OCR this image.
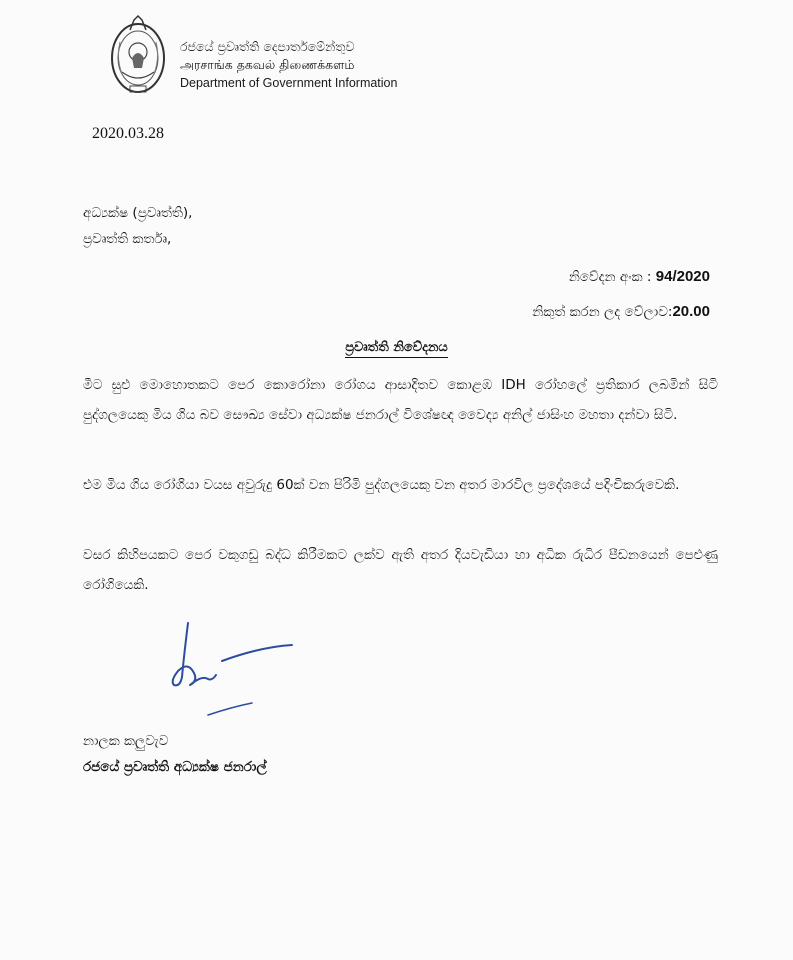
රජයේ ප්‍රවෘත්ති දෙපාර්තමේන්තුව
அரசாங்க தகவல் திணைக்களம்
Department of Government Information
2020.03.28
අධ්‍යක්ෂ (ප්‍රවෘත්ති),
ප්‍රවෘත්ති කර්තෘ,
නිවේදන අංක : 94/2020
නිකුත් කරන ලද වේලාව:20.00
ප්‍රවෘත්ති නිවේදනය
මීට සුළු මොහොතකට පෙර කොරෝනා රෝගය ආසාදිතව කොළඹ IDH රෝහලේ ප්‍රතිකාර ලබමින් සිටි පුද්ගලයෙකු මිය ගිය බව සෞඛ්‍ය සේවා අධ්‍යක්ෂ ජනරාල් විශේෂඥ වෛද්‍ය අනිල් ජාසිංහ මහතා දන්වා සිටි.
එම මිය ගිය රෝගියා වයස අවුරුදු 60ක් වන පිරිමි පුද්ගලයෙකු වන අතර මාරවිල ප්‍රදේශයේ පදිංචිකරුවෙකි.
වසර කිහිපයකට පෙර වකුගඩු බද්ධ කිරීමකට ලක්ව ඇති අතර දියවැඩියා හා අධික රුධිර පීඩනයෙන් පෙළුණු රෝගියෙකි.
නාලක කලුවැව
රජයේ ප්‍රවෘත්ති අධ්‍යක්ෂ ජනරාල්
